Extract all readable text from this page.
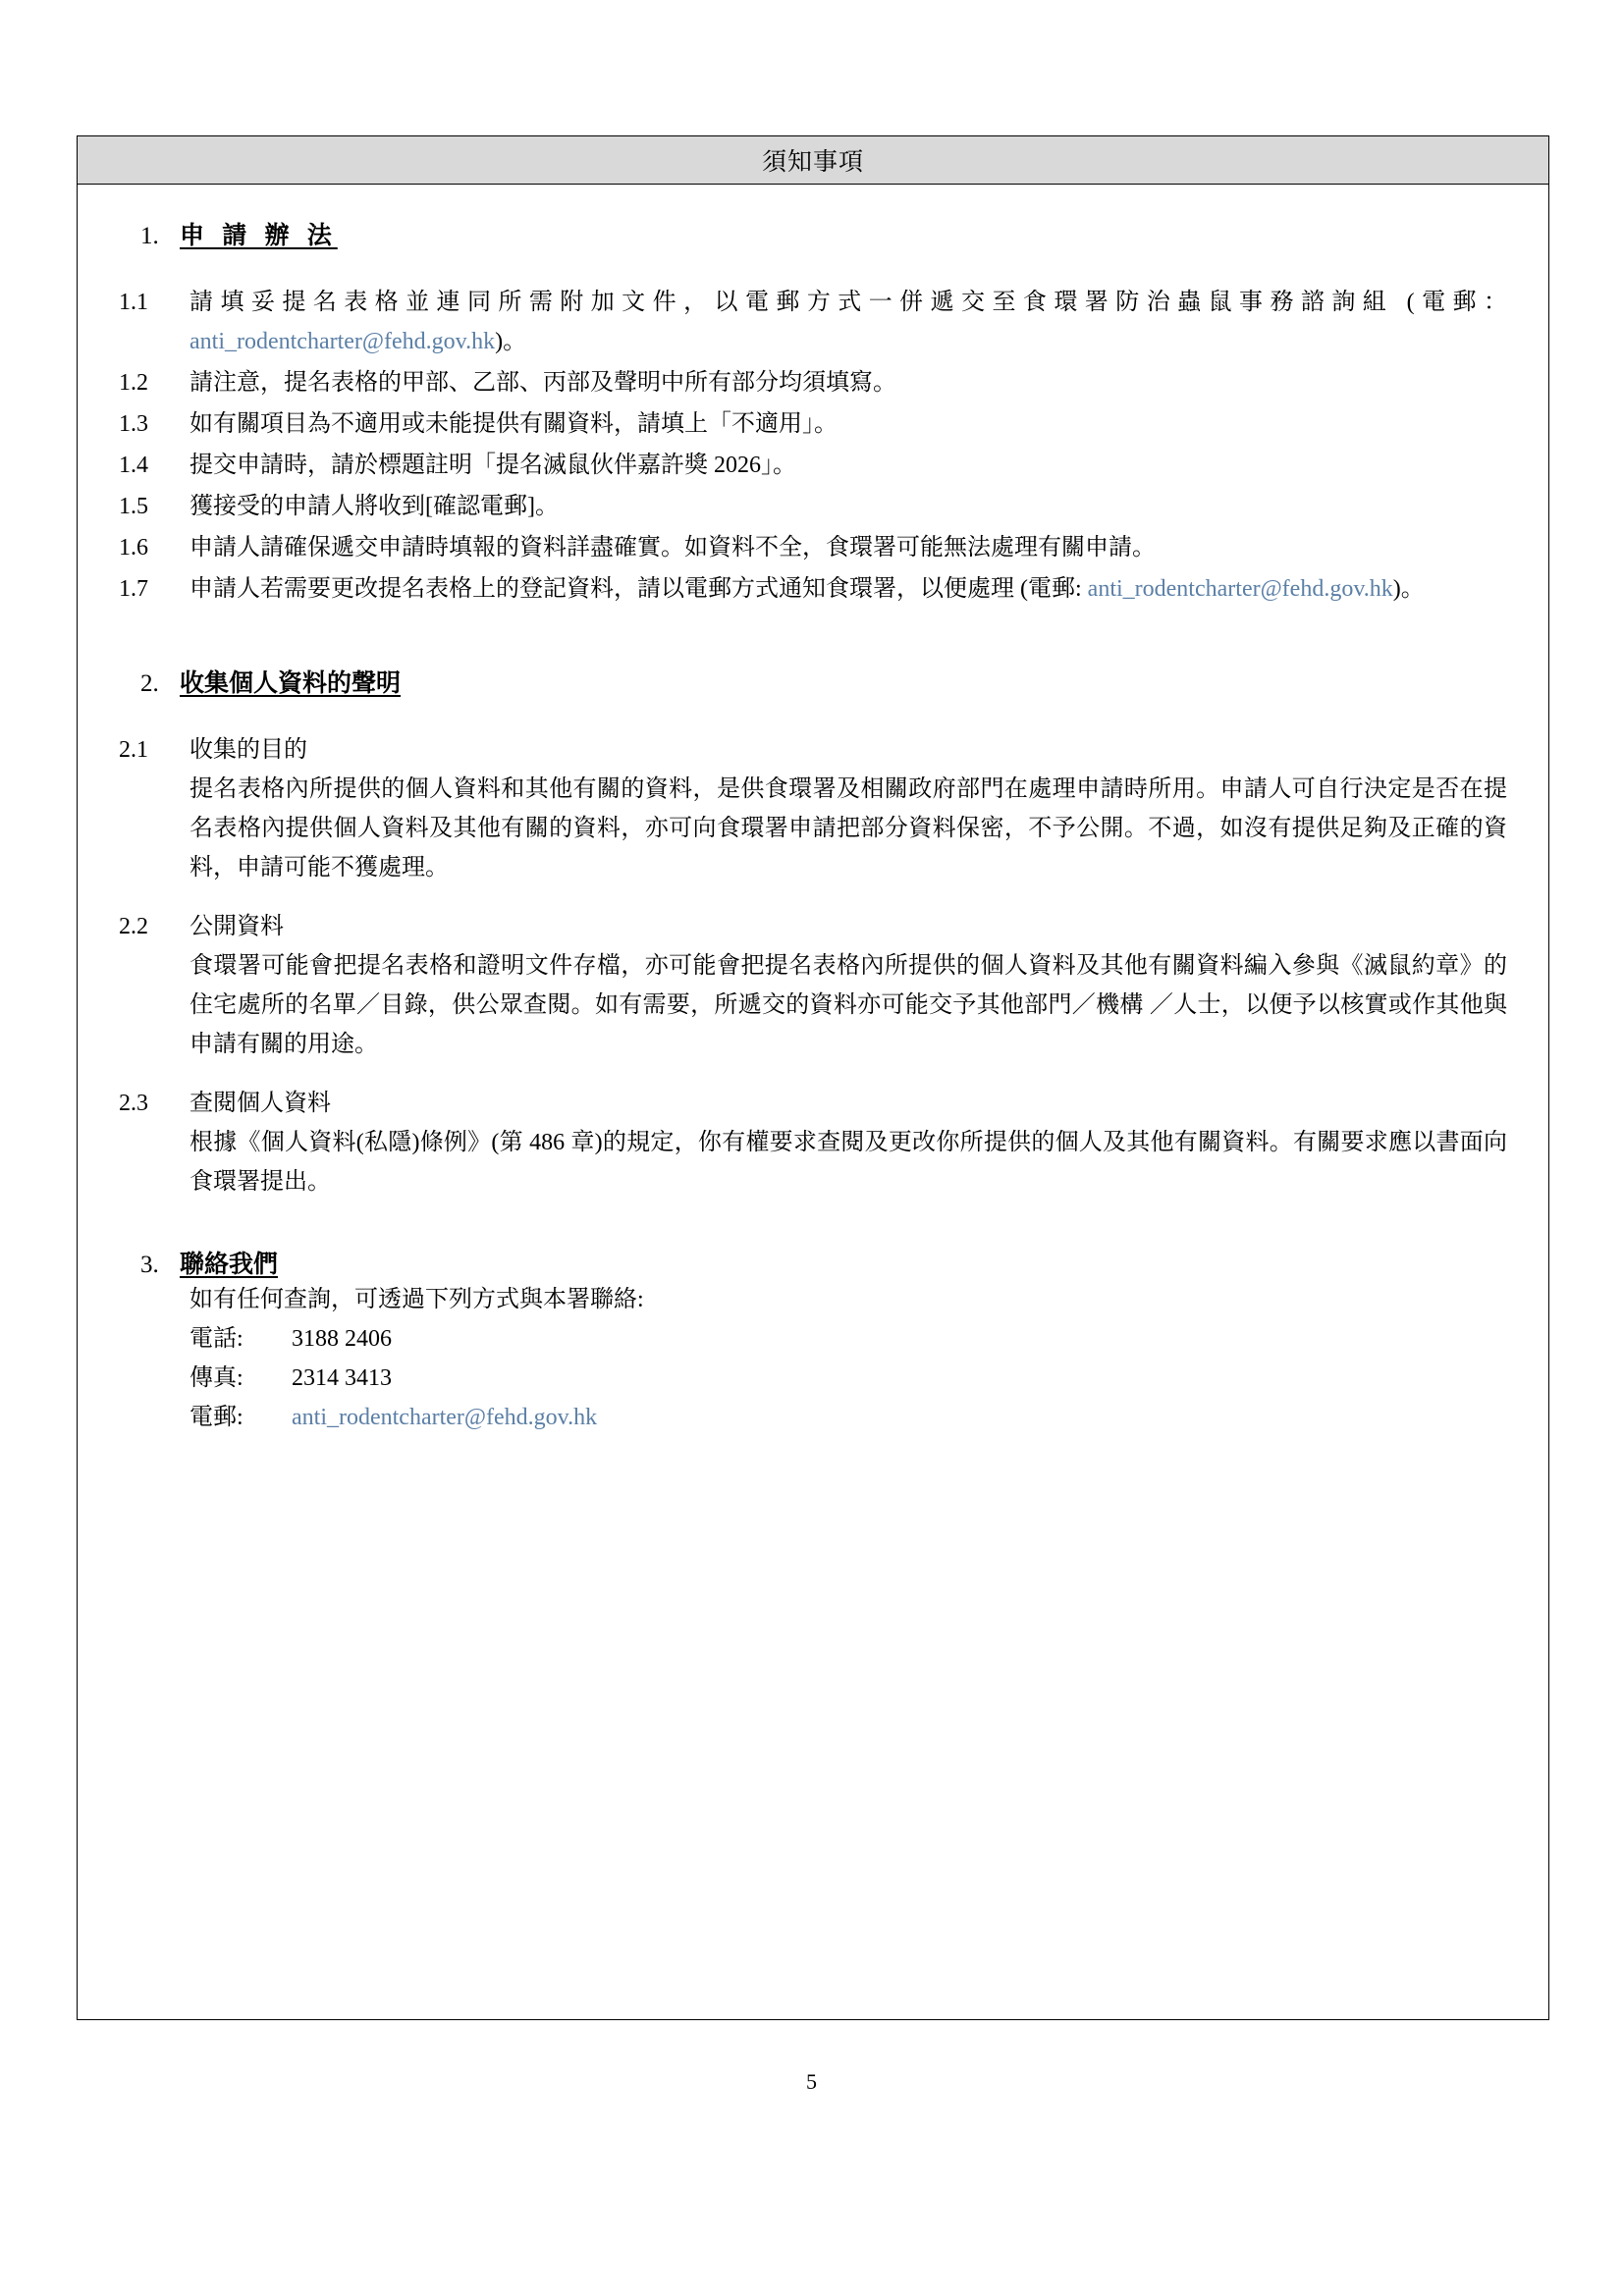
須知事項
1. 申 請 辦 法
1.1	請填妥提名表格並連同所需附加文件，以電郵方式一併遞交至食環署防治蟲鼠事務諮詢組 (電郵：anti_rodentcharter@fehd.gov.hk)。
1.2	請注意，提名表格的甲部、乙部、丙部及聲明中所有部分均須填寫。
1.3	如有關項目為不適用或未能提供有關資料，請填上「不適用」。
1.4	提交申請時，請於標題註明「提名滅鼠伙伴嘉許獎 2026」。
1.5	獲接受的申請人將收到[確認電郵]。
1.6	申請人請確保遞交申請時填報的資料詳盡確實。如資料不全，食環署可能無法處理有關申請。
1.7	申請人若需要更改提名表格上的登記資料，請以電郵方式通知食環署，以便處理 (電郵: anti_rodentcharter@fehd.gov.hk)。
2. 收集個人資料的聲明
2.1	收集的目的
提名表格內所提供的個人資料和其他有關的資料，是供食環署及相關政府部門在處理申請時所用。申請人可自行決定是否在提名表格內提供個人資料及其他有關的資料，亦可向食環署申請把部分資料保密，不予公開。不過，如沒有提供足夠及正確的資料，申請可能不獲處理。
2.2	公開資料
食環署可能會把提名表格和證明文件存檔，亦可能會把提名表格內所提供的個人資料及其他有關資料編入參與《滅鼠約章》的住宅處所的名單／目錄，供公眾查閱。如有需要，所遞交的資料亦可能交予其他部門／機構 ／人士，以便予以核實或作其他與申請有關的用途。
2.3	查閱個人資料
根據《個人資料(私隱)條例》(第 486 章)的規定，你有權要求查閱及更改你所提供的個人及其他有關資料。有關要求應以書面向食環署提出。
3. 聯絡我們
如有任何查詢，可透過下列方式與本署聯絡:
電話:	3188 2406
傳真:	2314 3413
電郵:	anti_rodentcharter@fehd.gov.hk
5
